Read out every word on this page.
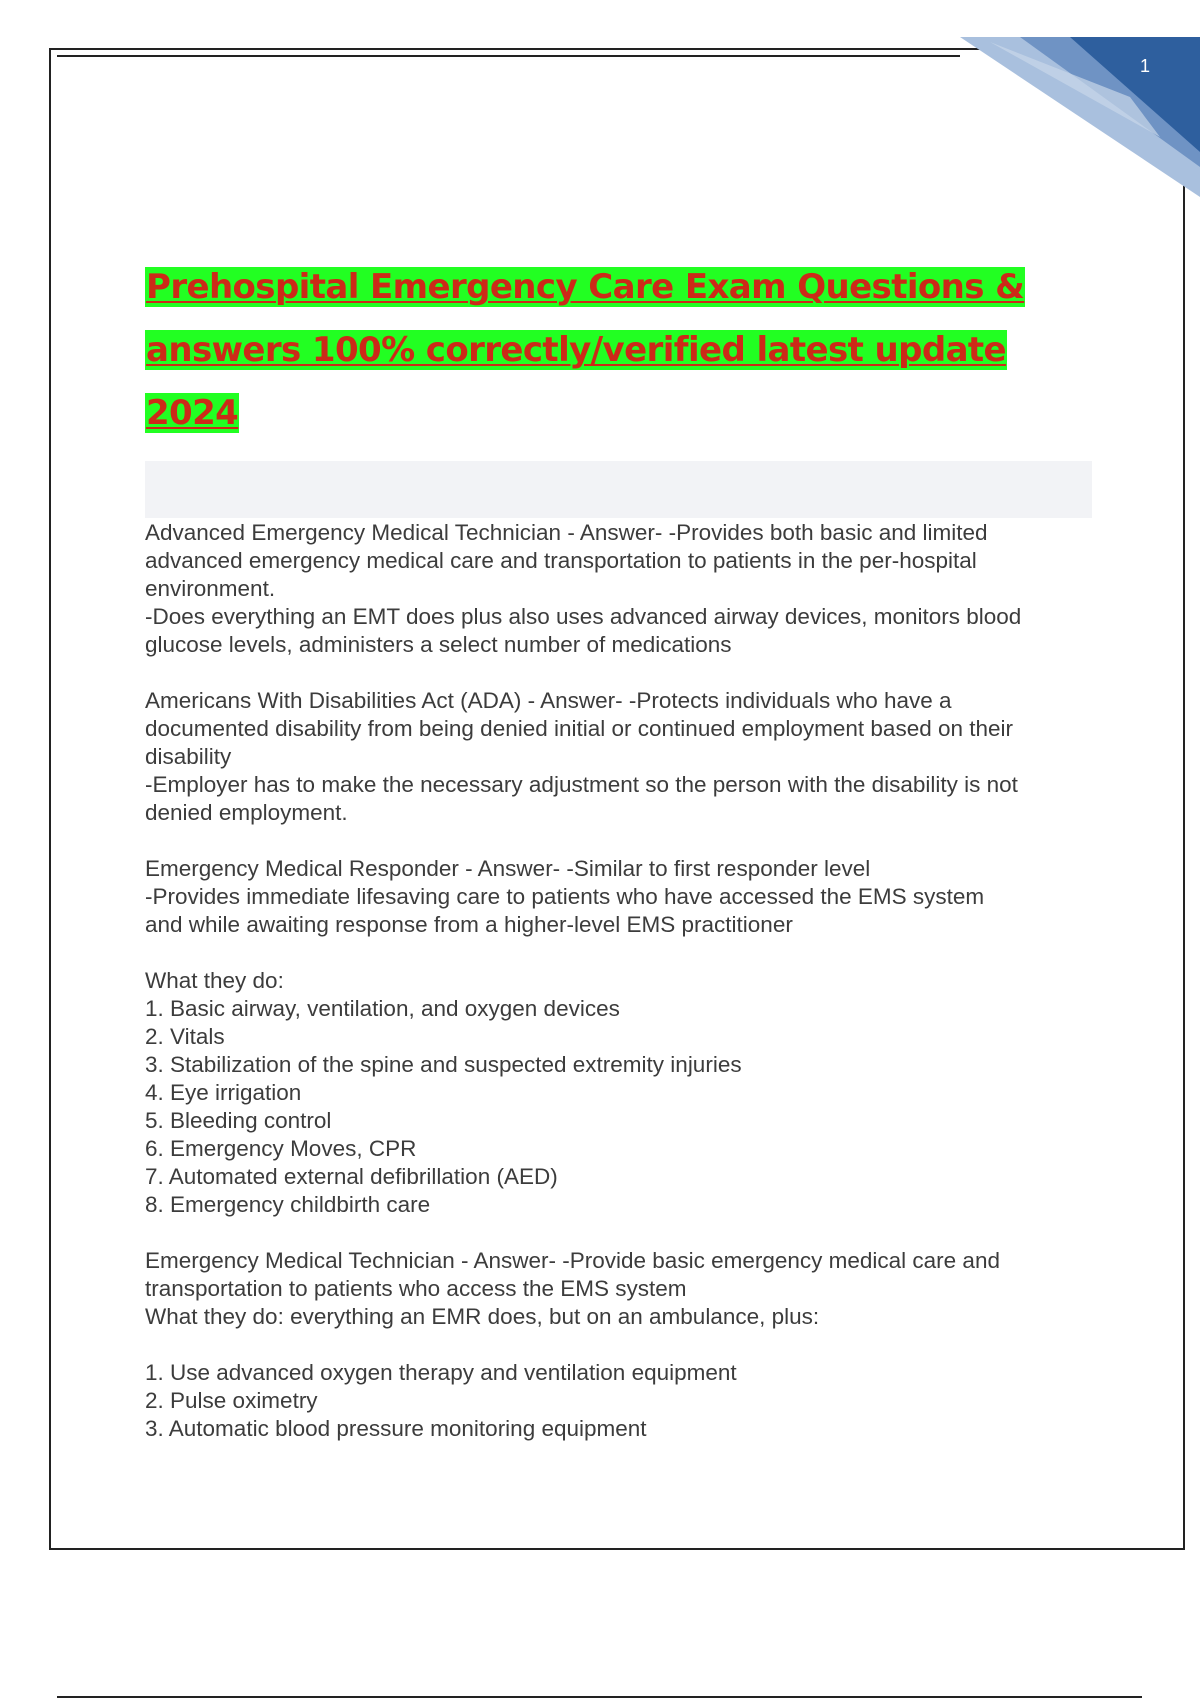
1
Prehospital Emergency Care Exam Questions & answers 100% correctly/verified latest update 2024
Advanced Emergency Medical Technician - Answer- -Provides both basic and limited
advanced emergency medical care and transportation to patients in the per-hospital
environment.
-Does everything an EMT does plus also uses advanced airway devices, monitors blood
glucose levels, administers a select number of medications
Americans With Disabilities Act (ADA) - Answer- -Protects individuals who have a
documented disability from being denied initial or continued employment based on their
disability
-Employer has to make the necessary adjustment so the person with the disability is not
denied employment.
Emergency Medical Responder - Answer- -Similar to first responder level
-Provides immediate lifesaving care to patients who have accessed the EMS system
and while awaiting response from a higher-level EMS practitioner
What they do:
1. Basic airway, ventilation, and oxygen devices
2. Vitals
3. Stabilization of the spine and suspected extremity injuries
4. Eye irrigation
5. Bleeding control
6. Emergency Moves, CPR
7. Automated external defibrillation (AED)
8. Emergency childbirth care
Emergency Medical Technician - Answer- -Provide basic emergency medical care and
transportation to patients who access the EMS system
What they do: everything an EMR does, but on an ambulance, plus:
1. Use advanced oxygen therapy and ventilation equipment
2. Pulse oximetry
3. Automatic blood pressure monitoring equipment
